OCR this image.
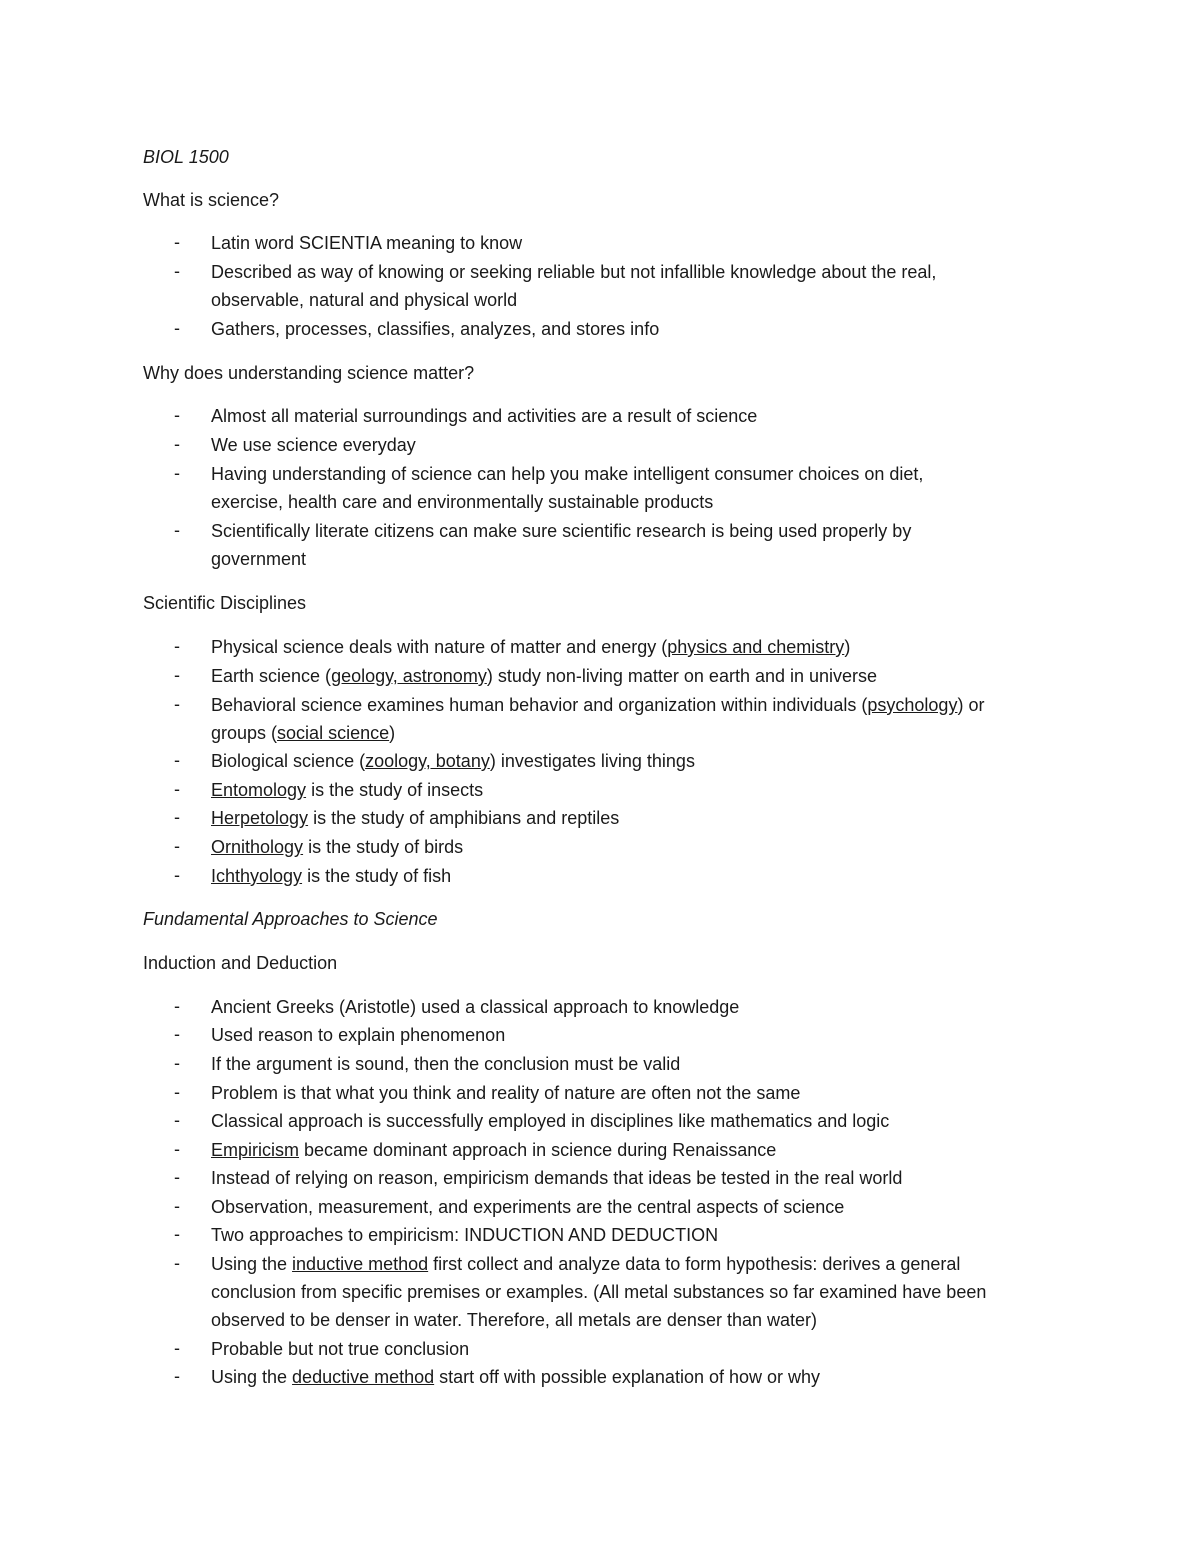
BIOL 1500
What is science?
- Latin word SCIENTIA meaning to know
- Described as way of knowing or seeking reliable but not infallible knowledge about the real,
observable, natural and physical world
- Gathers, processes, classifies, analyzes, and stores info
Why does understanding science matter?
- Almost all material surroundings and activities are a result of science
- We use science everyday
- Having understanding of science can help you make intelligent consumer choices on diet,
exercise, health care and environmentally sustainable products
- Scientifically literate citizens can make sure scientific research is being used properly by
government
Scientific Disciplines
- Physical science deals with nature of matter and energy (physics and chemistry)
- Earth science (geology, astronomy) study non-living matter on earth and in universe
- Behavioral science examines human behavior and organization within individuals (psychology) or
groups (social science)
- Biological science (zoology, botany) investigates living things
- Entomology is the study of insects
- Herpetology is the study of amphibians and reptiles
- Ornithology is the study of birds
- Ichthyology is the study of fish
Fundamental Approaches to Science
Induction and Deduction
- Ancient Greeks (Aristotle) used a classical approach to knowledge
- Used reason to explain phenomenon
- If the argument is sound, then the conclusion must be valid
- Problem is that what you think and reality of nature are often not the same
- Classical approach is successfully employed in disciplines like mathematics and logic
- Empiricism became dominant approach in science during Renaissance
- Instead of relying on reason, empiricism demands that ideas be tested in the real world
- Observation, measurement, and experiments are the central aspects of science
- Two approaches to empiricism: INDUCTION AND DEDUCTION
- Using the inductive method first collect and analyze data to form hypothesis: derives a general
conclusion from specific premises or examples. (All metal substances so far examined have been
observed to be denser in water. Therefore, all metals are denser than water)
- Probable but not true conclusion
- Using the deductive method start off with possible explanation of how or why
